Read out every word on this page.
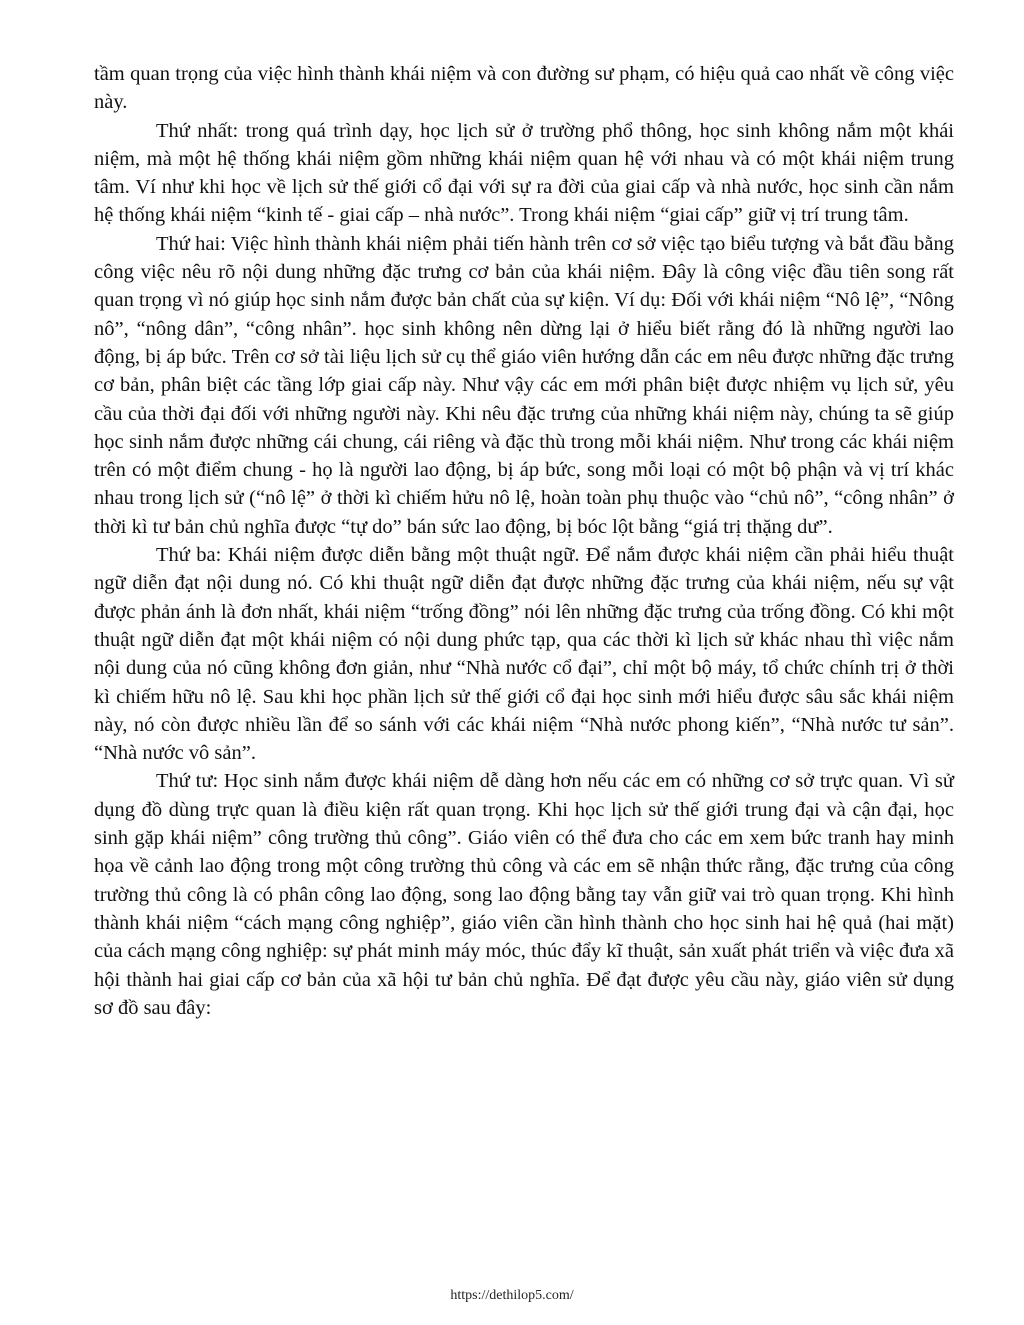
tầm quan trọng của việc hình thành khái niệm và con đường sư phạm, có hiệu quả cao nhất về công việc này.

Thứ nhất: trong quá trình dạy, học lịch sử ở trường phổ thông, học sinh không nắm một khái niệm, mà một hệ thống khái niệm gồm những khái niệm quan hệ với nhau và có một khái niệm trung tâm. Ví như khi học về lịch sử thế giới cổ đại với sự ra đời của giai cấp và nhà nước, học sinh cần nắm hệ thống khái niệm “kinh tế - giai cấp – nhà nước”. Trong khái niệm “giai cấp” giữ vị trí trung tâm.

Thứ hai: Việc hình thành khái niệm phải tiến hành trên cơ sở việc tạo biểu tượng và bắt đầu bằng công việc nêu rõ nội dung những đặc trưng cơ bản của khái niệm. Đây là công việc đầu tiên song rất quan trọng vì nó giúp học sinh nắm được bản chất của sự kiện. Ví dụ: Đối với khái niệm “Nô lệ”, “Nông nô”, “nông dân”, “công nhân”. học sinh không nên dừng lại ở hiểu biết rằng đó là những người lao động, bị áp bức. Trên cơ sở tài liệu lịch sử cụ thể giáo viên hướng dẫn các em nêu được những đặc trưng cơ bản, phân biệt các tầng lớp giai cấp này. Như vậy các em mới phân biệt được nhiệm vụ lịch sử, yêu cầu của thời đại đối với những người này. Khi nêu đặc trưng của những khái niệm này, chúng ta sẽ giúp học sinh nắm được những cái chung, cái riêng và đặc thù trong mỗi khái niệm. Như trong các khái niệm trên có một điểm chung - họ là người lao động, bị áp bức, song mỗi loại có một bộ phận và vị trí khác nhau trong lịch sử (“nô lệ” ở thời kì chiếm hửu nô lệ, hoàn toàn phụ thuộc vào “chủ nô”, “công nhân” ở thời kì tư bản chủ nghĩa được “tự do” bán sức lao động, bị bóc lột bằng “giá trị thặng dư”.

Thứ ba: Khái niệm được diễn bằng một thuật ngữ. Để nắm được khái niệm cần phải hiểu thuật ngữ diễn đạt nội dung nó. Có khi thuật ngữ diễn đạt được những đặc trưng của khái niệm, nếu sự vật được phản ánh là đơn nhất, khái niệm “trống đồng” nói lên những đặc trưng của trống đồng. Có khi một thuật ngữ diễn đạt một khái niệm có nội dung phức tạp, qua các thời kì lịch sử khác nhau thì việc nắm nội dung của nó cũng không đơn giản, như “Nhà nước cổ đại”, chỉ một bộ máy, tổ chức chính trị ở thời kì chiếm hữu nô lệ. Sau khi học phần lịch sử thế giới cổ đại học sinh mới hiểu được sâu sắc khái niệm này, nó còn được nhiều lần để so sánh với các khái niệm “Nhà nước phong kiến”, “Nhà nước tư sản”. “Nhà nước vô sản”.

Thứ tư: Học sinh nắm được khái niệm dễ dàng hơn nếu các em có những cơ sở trực quan. Vì sử dụng đồ dùng trực quan là điều kiện rất quan trọng. Khi học lịch sử thế giới trung đại và cận đại, học sinh gặp khái niệm” công trường thủ công”. Giáo viên có thể đưa cho các em xem bức tranh hay minh họa về cảnh lao động trong một công trường thủ công và các em sẽ nhận thức rằng, đặc trưng của công trường thủ công là có phân công lao động, song lao động bằng tay vẫn giữ vai trò quan trọng. Khi hình thành khái niệm “cách mạng công nghiệp”, giáo viên cần hình thành cho học sinh hai hệ quả (hai mặt) của cách mạng công nghiệp: sự phát minh máy móc, thúc đẩy kĩ thuật, sản xuất phát triển và việc đưa xã hội thành hai giai cấp cơ bản của xã hội tư bản chủ nghĩa. Để đạt được yêu cầu này, giáo viên sử dụng sơ đồ sau đây:

https://dethilop5.com/
